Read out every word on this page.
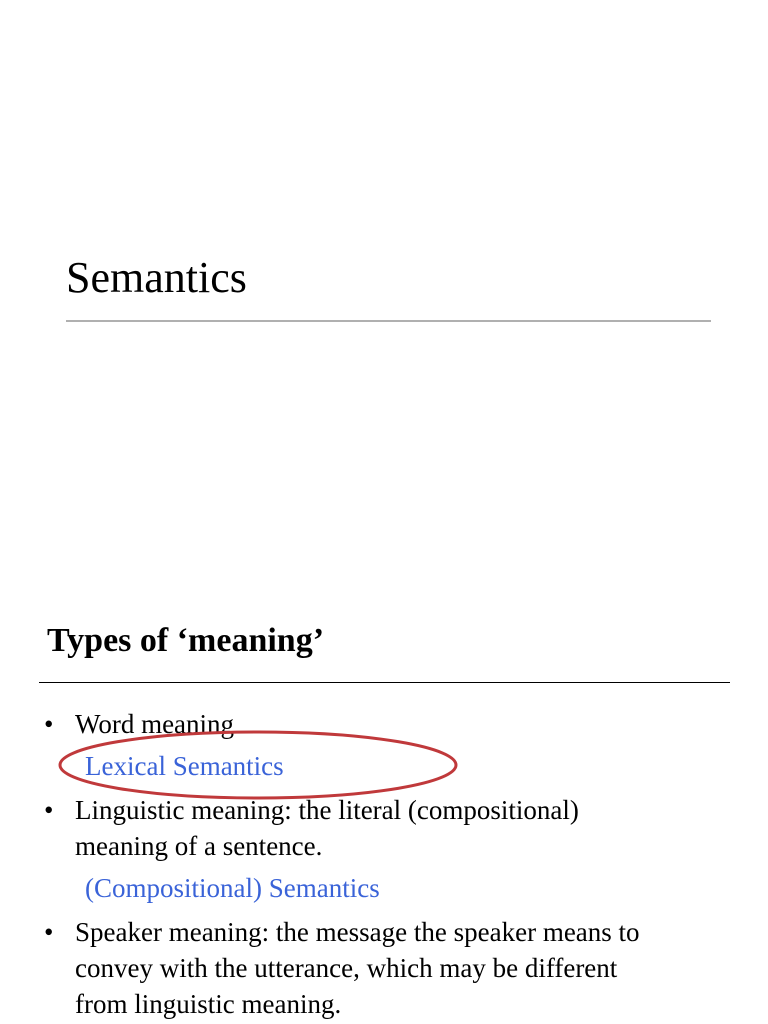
Semantics
Types of ‘meaning’
• Word meaning
Lexical Semantics
• Linguistic meaning: the literal (compositional)
meaning of a sentence.
(Compositional) Semantics
• Speaker meaning: the message the speaker means to
convey with the utterance, which may be different
from linguistic meaning.
